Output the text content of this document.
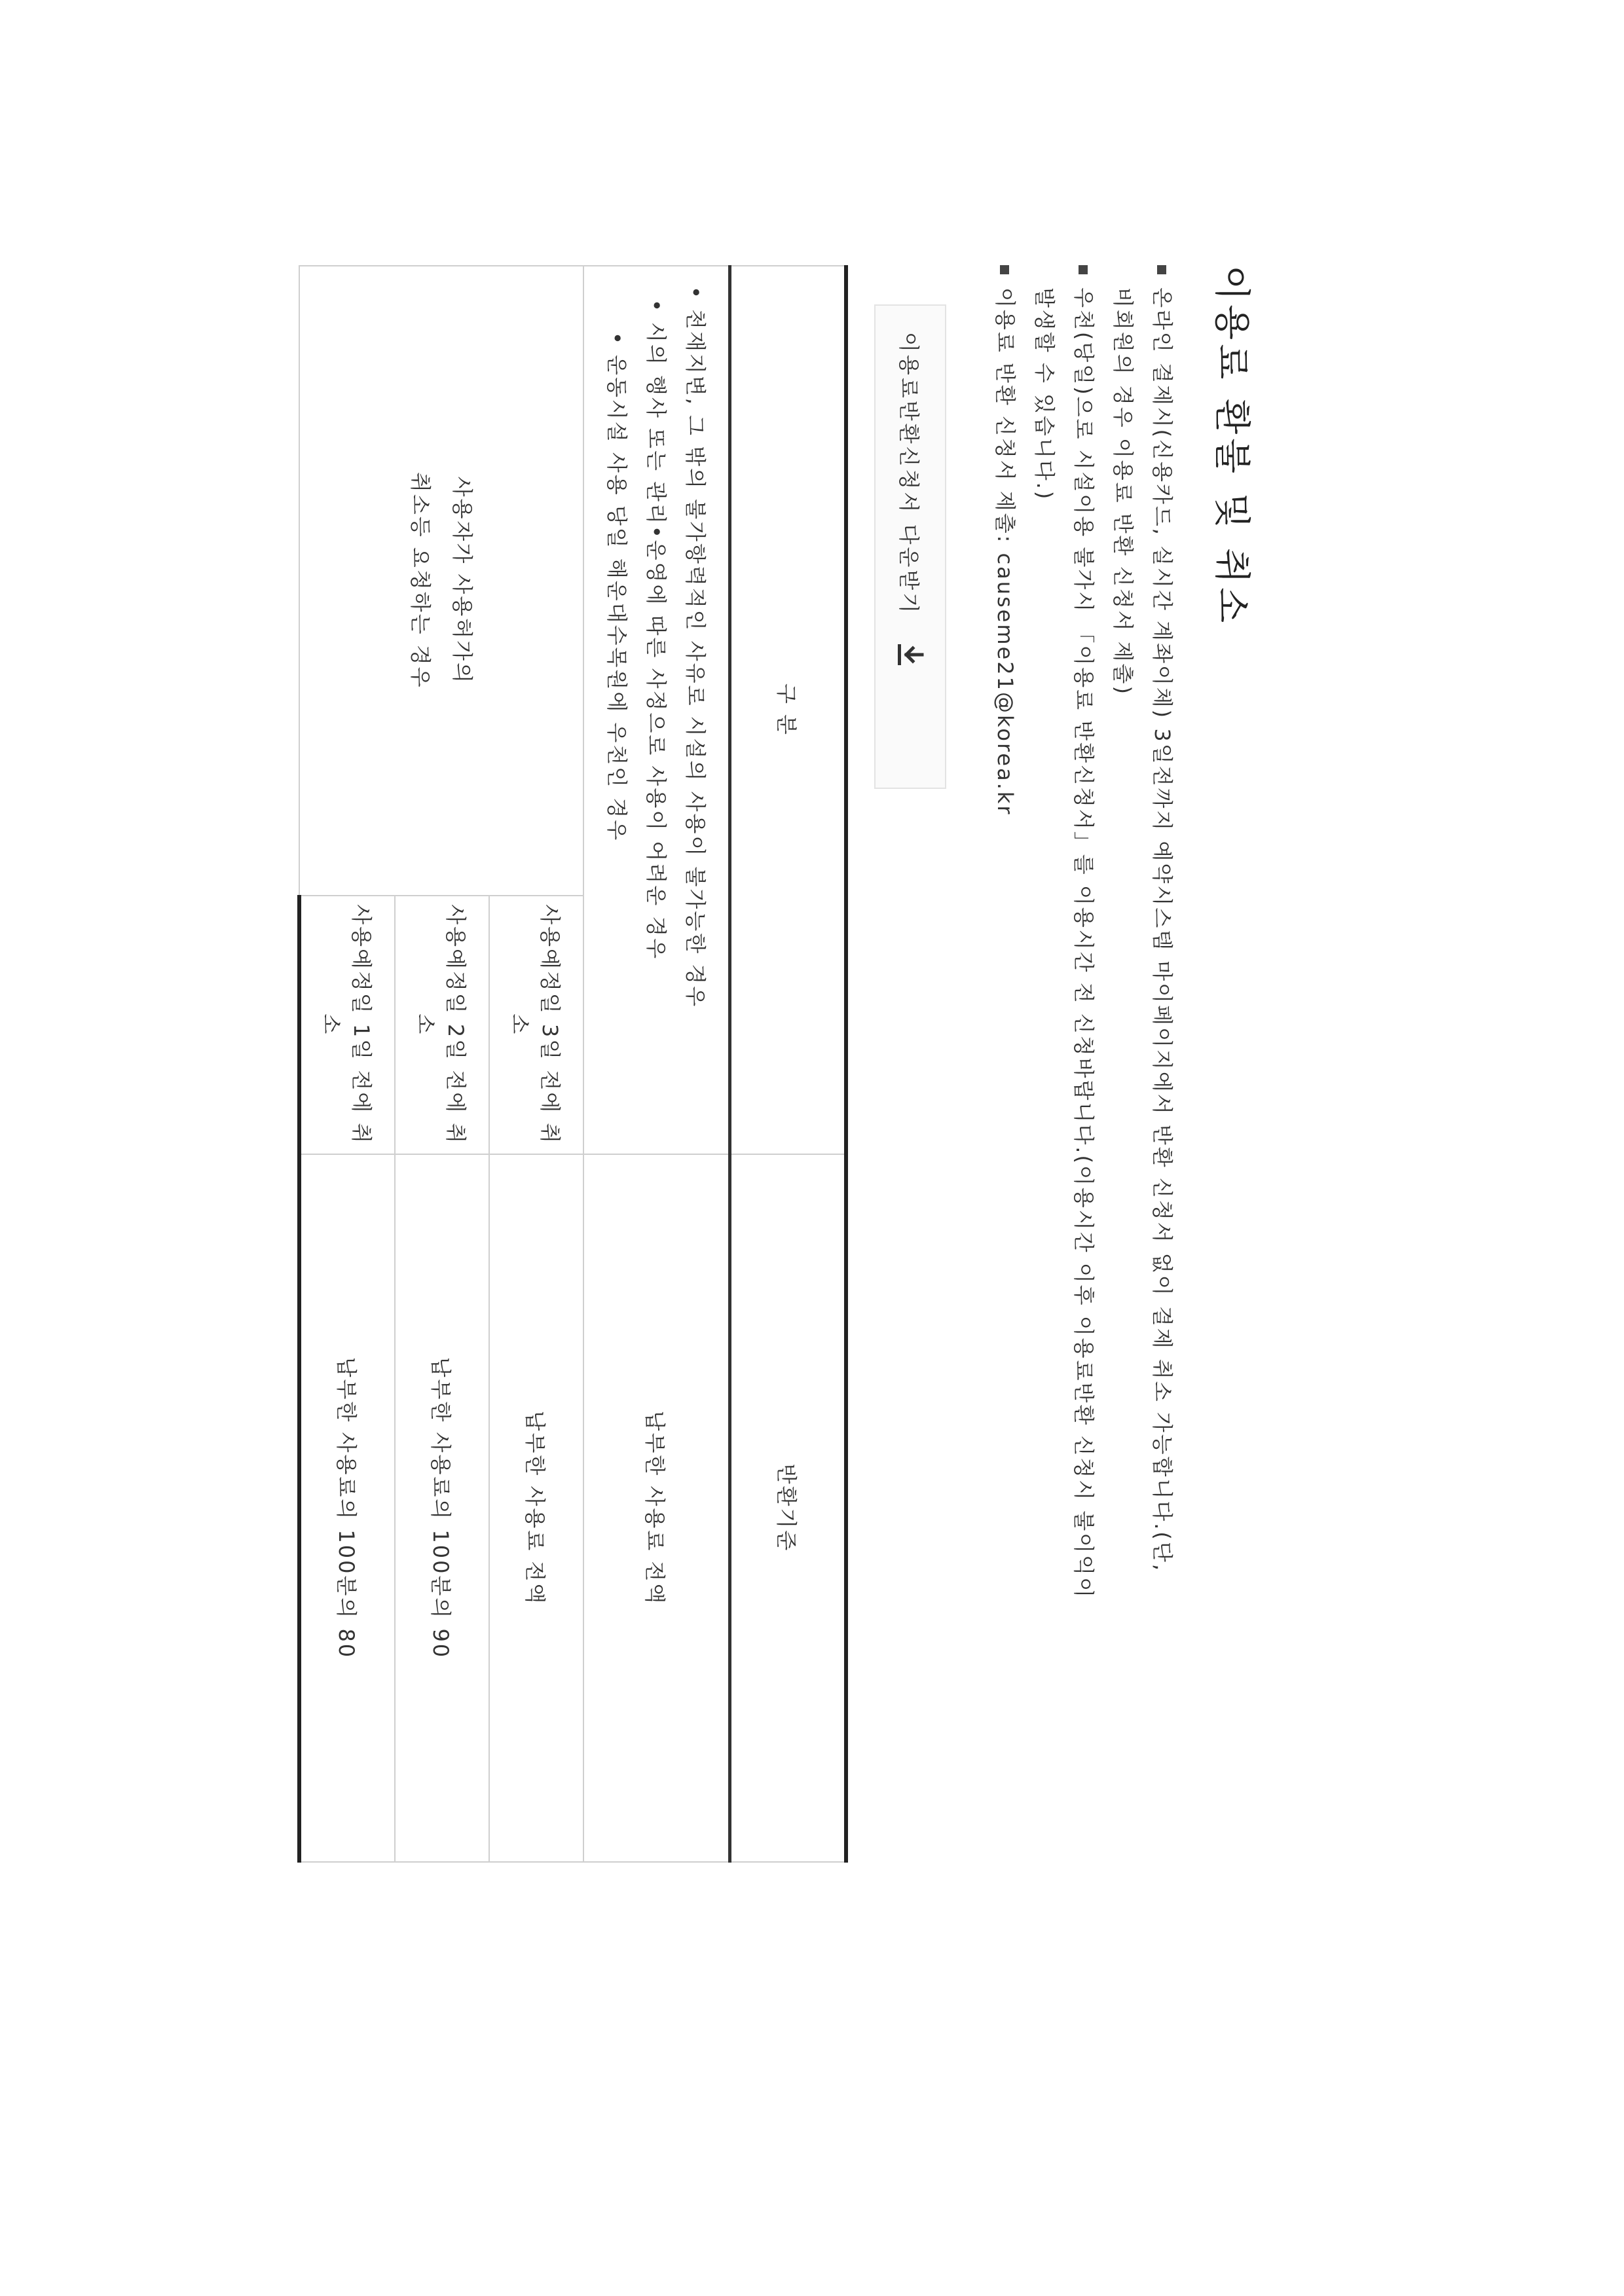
이용료 환불 및 취소
온라인 결제시(신용카드, 실시간 계좌이체) 3일전까지 예약시스템 마이페이지에서 반환 신청서 없이 결제 취소 가능합니다.(단,
비회원의 경우 이용료 반환 신청서 제출)
우천(당일)으로 시설이용 불가시 「이용료 반환신청서」를 이용시간 전 신청바랍니다.(이용시간 이후 이용료반환 신청시 불이익이
발생할 수 있습니다.)
이용료 반환 신청서 제출: causeme21@korea.kr
이용료반환신청서 다운받기
구 분		반환기준

• 천재지변, 그 밖의 불가항력적인 사유로 시설의 사용이 불가능한 경우
• 시의 행사 또는 관리•운영에 따른 사정으로 사용이 어려운 경우
• 운동시설 사용 당일 해운대수목원에 우천인 경우		납부한 사용료 전액
사용자가 사용허가의
취소등 요청하는 경우	사용예정일 3일 전에 취소	납부한 사용료 전액
	사용예정일 2일 전에 취소	납부한 사용료의 100분의 90
	사용예정일 1일 전에 취소	납부한 사용료의 100분의 80
